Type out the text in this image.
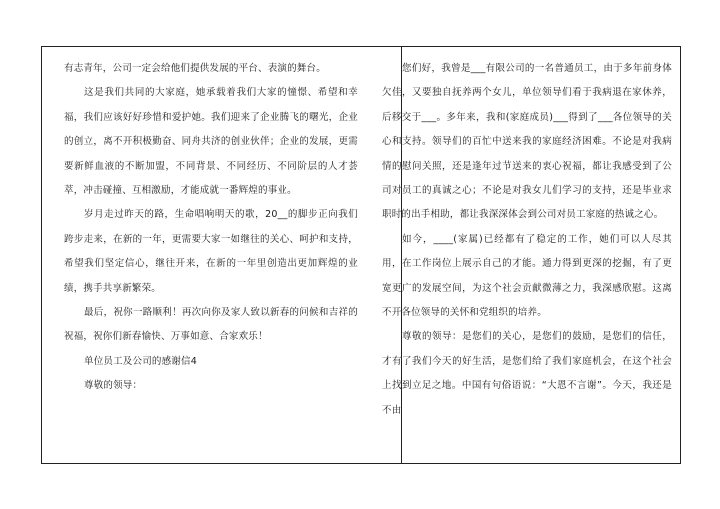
有志青年，公司一定会给他们提供发展的平台、表演的舞台。

这是我们共同的大家庭，她承载着我们大家的憧憬、希望和幸福，我们应该好好珍惜和爱护她。我们迎来了企业腾飞的曙光，企业的创立，离不开积极勤奋、同舟共济的创业伙伴；企业的发展，更需要新鲜血液的不断加盟，不同背景、不同经历、不同阶层的人才荟萃，冲击碰撞、互相激励，才能成就一番辉煌的事业。

岁月走过昨天的路，生命唱响明天的歌，20__的脚步正向我们跨步走来，在新的一年，更需要大家一如继往的关心、呵护和支持，希望我们坚定信心，继往开来，在新的一年里创造出更加辉煌的业绩，携手共享新繁荣。

最后，祝你一路顺利！再次向你及家人致以新春的问候和吉祥的祝福，祝你们新春愉快、万事如意、合家欢乐！

单位员工及公司的感谢信4

尊敬的领导：

您们好，我曾是___有限公司的一名普通员工，由于多年前身体欠佳，又要独自抚养两个女儿，单位领导们看于我病退在家休养，后移交于___。多年来，我和(家庭成员)___得到了___各位领导的关心和支持。领导们的百忙中送来我的家庭经济困难。不论是对我病情的慰问关照，还是逢年过节送来的衷心祝福，都让我感受到了公司对员工的真诚之心；不论是对我女儿们学习的支持，还是毕业求职时的出手相助，都让我深深体会到公司对员工家庭的热诚之心。

如今，____(家属)已经都有了稳定的工作，她们可以人尽其用，在工作岗位上展示自己的才能。通力得到更深的挖掘，有了更宽更广的发展空间，为这个社会贡献微薄之力，我深感欣慰。这离不开各位领导的关怀和党组织的培养。

尊敬的领导：是您们的关心，是您们的鼓励，是您们的信任，才有了我们今天的好生活，是您们给了我们家庭机会，在这个社会上找到立足之地。中国有句俗语说：“大恩不言谢”。今天，我还是不由
